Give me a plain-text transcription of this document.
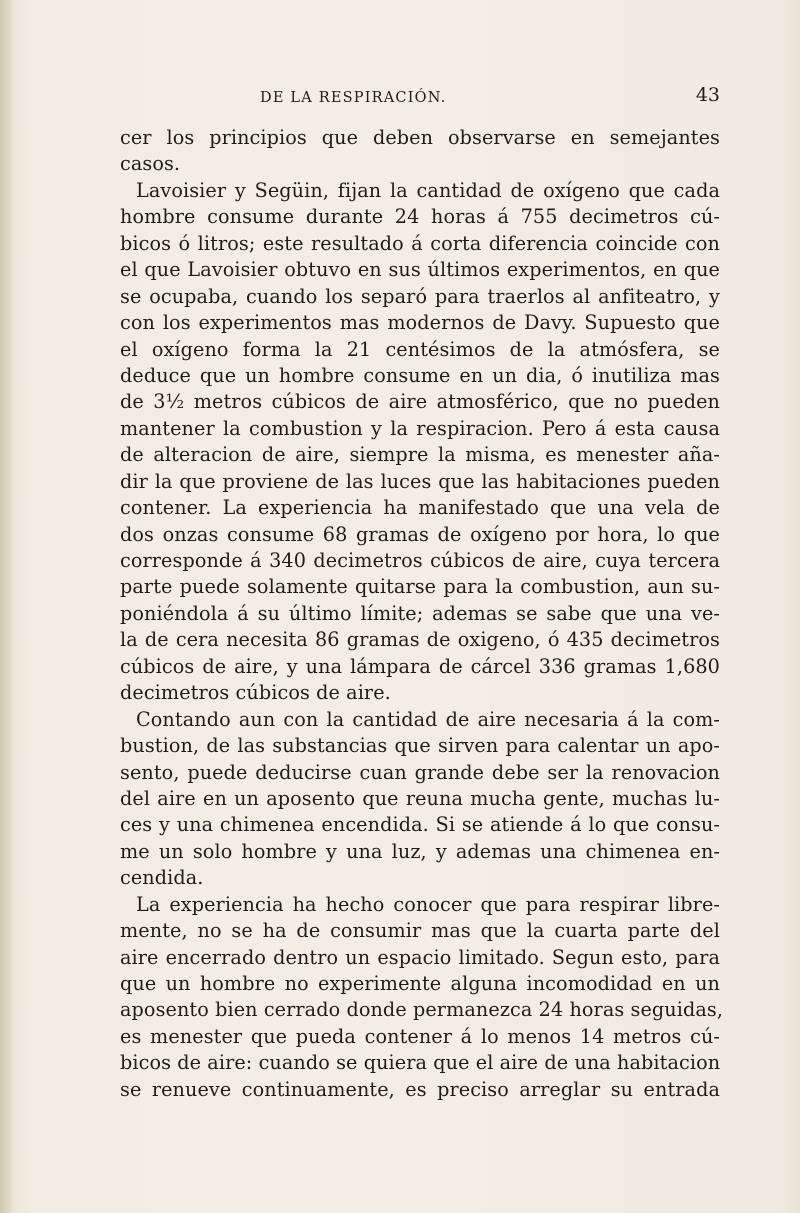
DE LA RESPIRACIÓN.	43
cer los principios que deben observarse en semejantes
casos.
Lavoisier y Següin, fijan la cantidad de oxígeno que cada
hombre consume durante 24 horas á 755 decimetros cú-
bicos ó litros; este resultado á corta diferencia coincide con
el que Lavoisier obtuvo en sus últimos experimentos, en que
se ocupaba, cuando los separó para traerlos al anfiteatro, y
con los experimentos mas modernos de Davy. Supuesto que
el oxígeno forma la 21 centésimos de la atmósfera, se
deduce que un hombre consume en un dia, ó inutiliza mas
de 3½ metros cúbicos de aire atmosférico, que no pueden
mantener la combustion y la respiracion. Pero á esta causa
de alteracion de aire, siempre la misma, es menester aña-
dir la que proviene de las luces que las habitaciones pueden
contener. La experiencia ha manifestado que una vela de
dos onzas consume 68 gramas de oxígeno por hora, lo que
corresponde á 340 decimetros cúbicos de aire, cuya tercera
parte puede solamente quitarse para la combustion, aun su-
poniéndola á su último límite; ademas se sabe que una ve-
la de cera necesita 86 gramas de oxigeno, ó 435 decimetros
cúbicos de aire, y una lámpara de cárcel 336 gramas 1,680
decimetros cúbicos de aire.
Contando aun con la cantidad de aire necesaria á la com-
bustion, de las substancias que sirven para calentar un apo-
sento, puede deducirse cuan grande debe ser la renovacion
del aire en un aposento que reuna mucha gente, muchas lu-
ces y una chimenea encendida. Si se atiende á lo que consu-
me un solo hombre y una luz, y ademas una chimenea en-
cendida.
La experiencia ha hecho conocer que para respirar libre-
mente, no se ha de consumir mas que la cuarta parte del
aire encerrado dentro un espacio limitado. Segun esto, para
que un hombre no experimente alguna incomodidad en un
aposento bien cerrado donde permanezca 24 horas seguidas,
es menester que pueda contener á lo menos 14 metros cú-
bicos de aire: cuando se quiera que el aire de una habitacion
se renueve continuamente, es preciso arreglar su entrada
